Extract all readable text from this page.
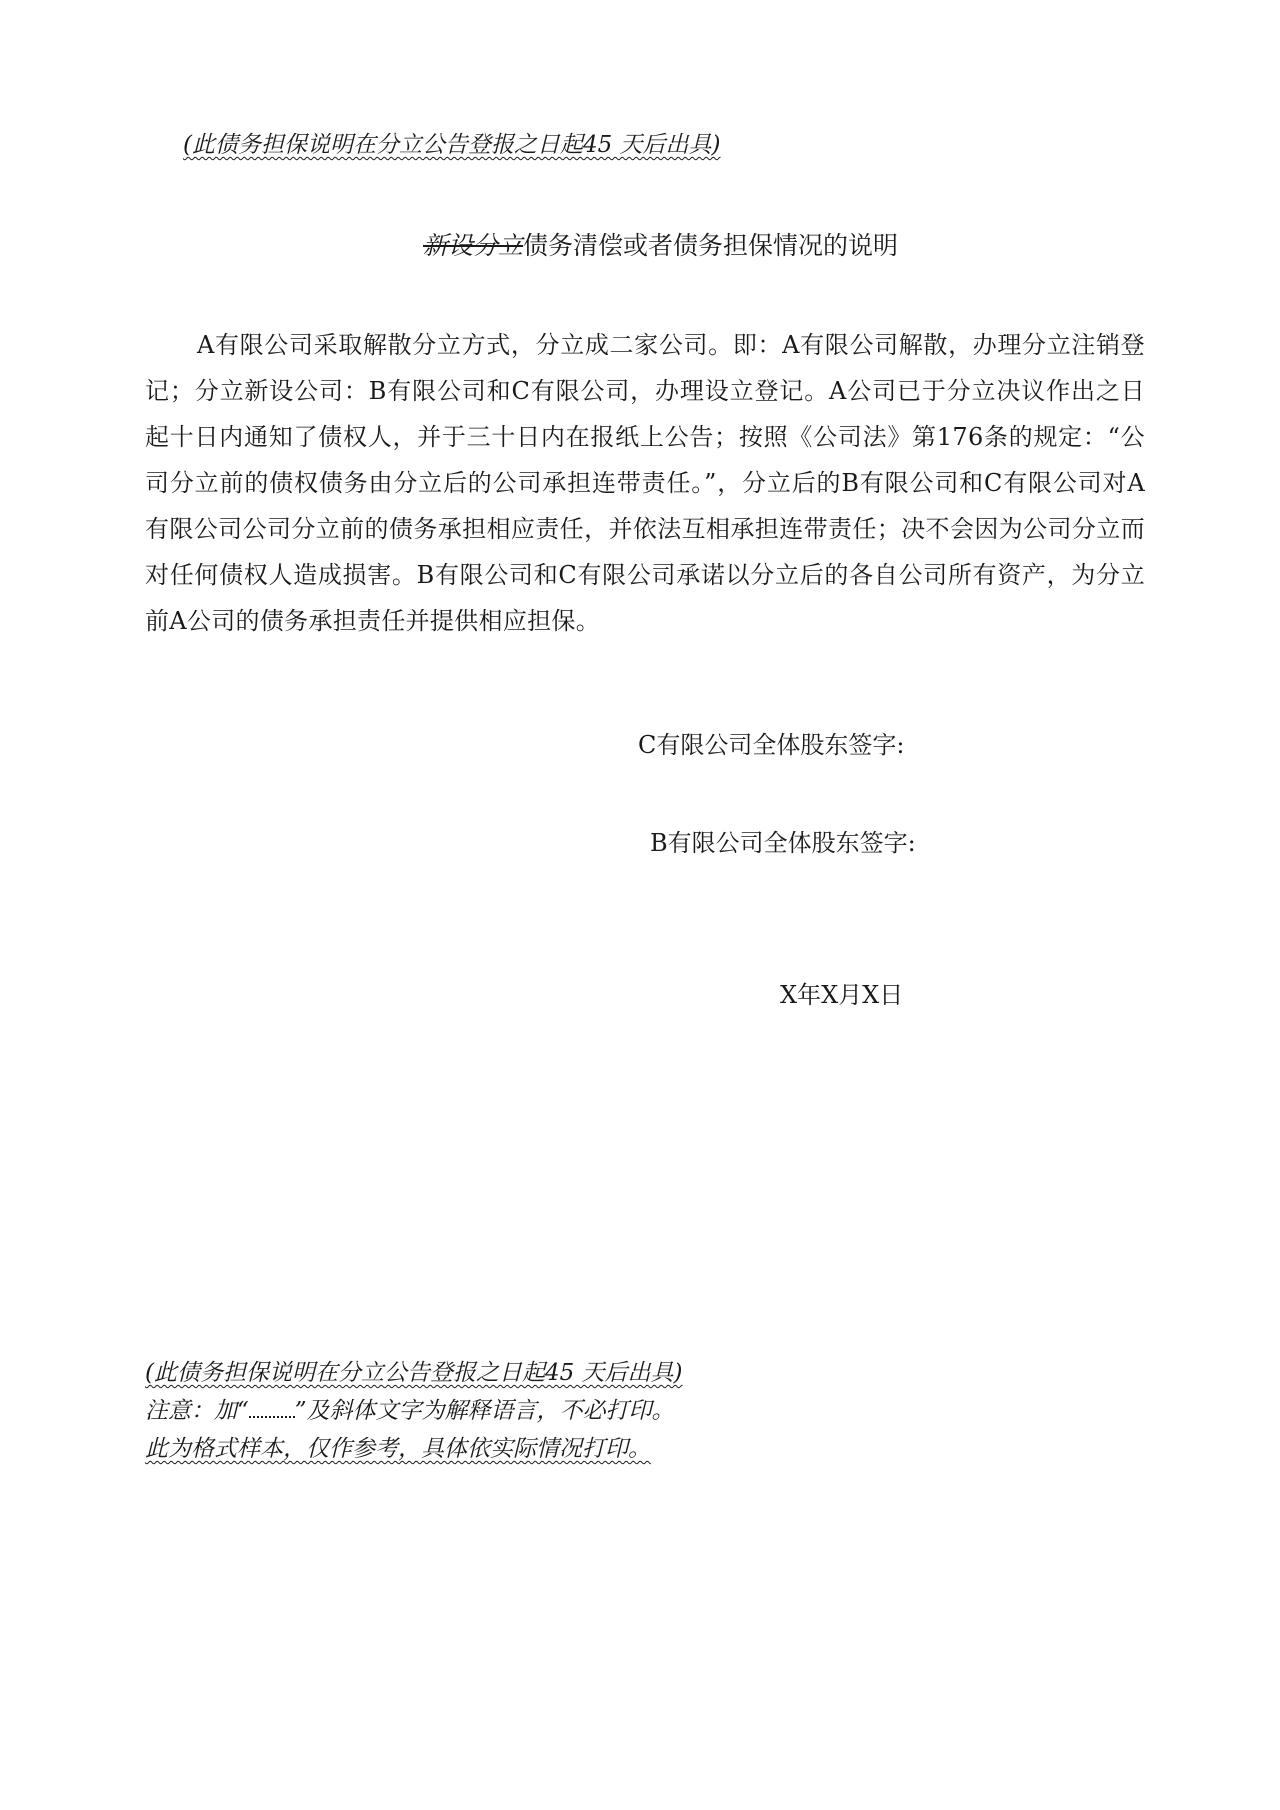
(此债务担保说明在分立公告登报之日起45 天后出具)
新设分立债务清偿或者债务担保情况的说明
A有限公司采取解散分立方式，分立成二家公司。即：A有限公司解散，办理分立注销登记；分立新设公司：B有限公司和C有限公司，办理设立登记。A公司已于分立决议作出之日起十日内通知了债权人，并于三十日内在报纸上公告；按照《公司法》第176条的规定：“公司分立前的债权债务由分立后的公司承担连带责任。”，分立后的B有限公司和C有限公司对A有限公司公司分立前的债务承担相应责任，并依法互相承担连带责任；决不会因为公司分立而对任何债权人造成损害。B有限公司和C有限公司承诺以分立后的各自公司所有资产，为分立前A公司的债务承担责任并提供相应担保。
C有限公司全体股东签字:
B有限公司全体股东签字:
X年X月X日
(此债务担保说明在分立公告登报之日起45 天后出具)
注意：加“ ”及斜体文字为解释语言，不必打印。
此为格式样本，仅作参考，具体依实际情况打印。
